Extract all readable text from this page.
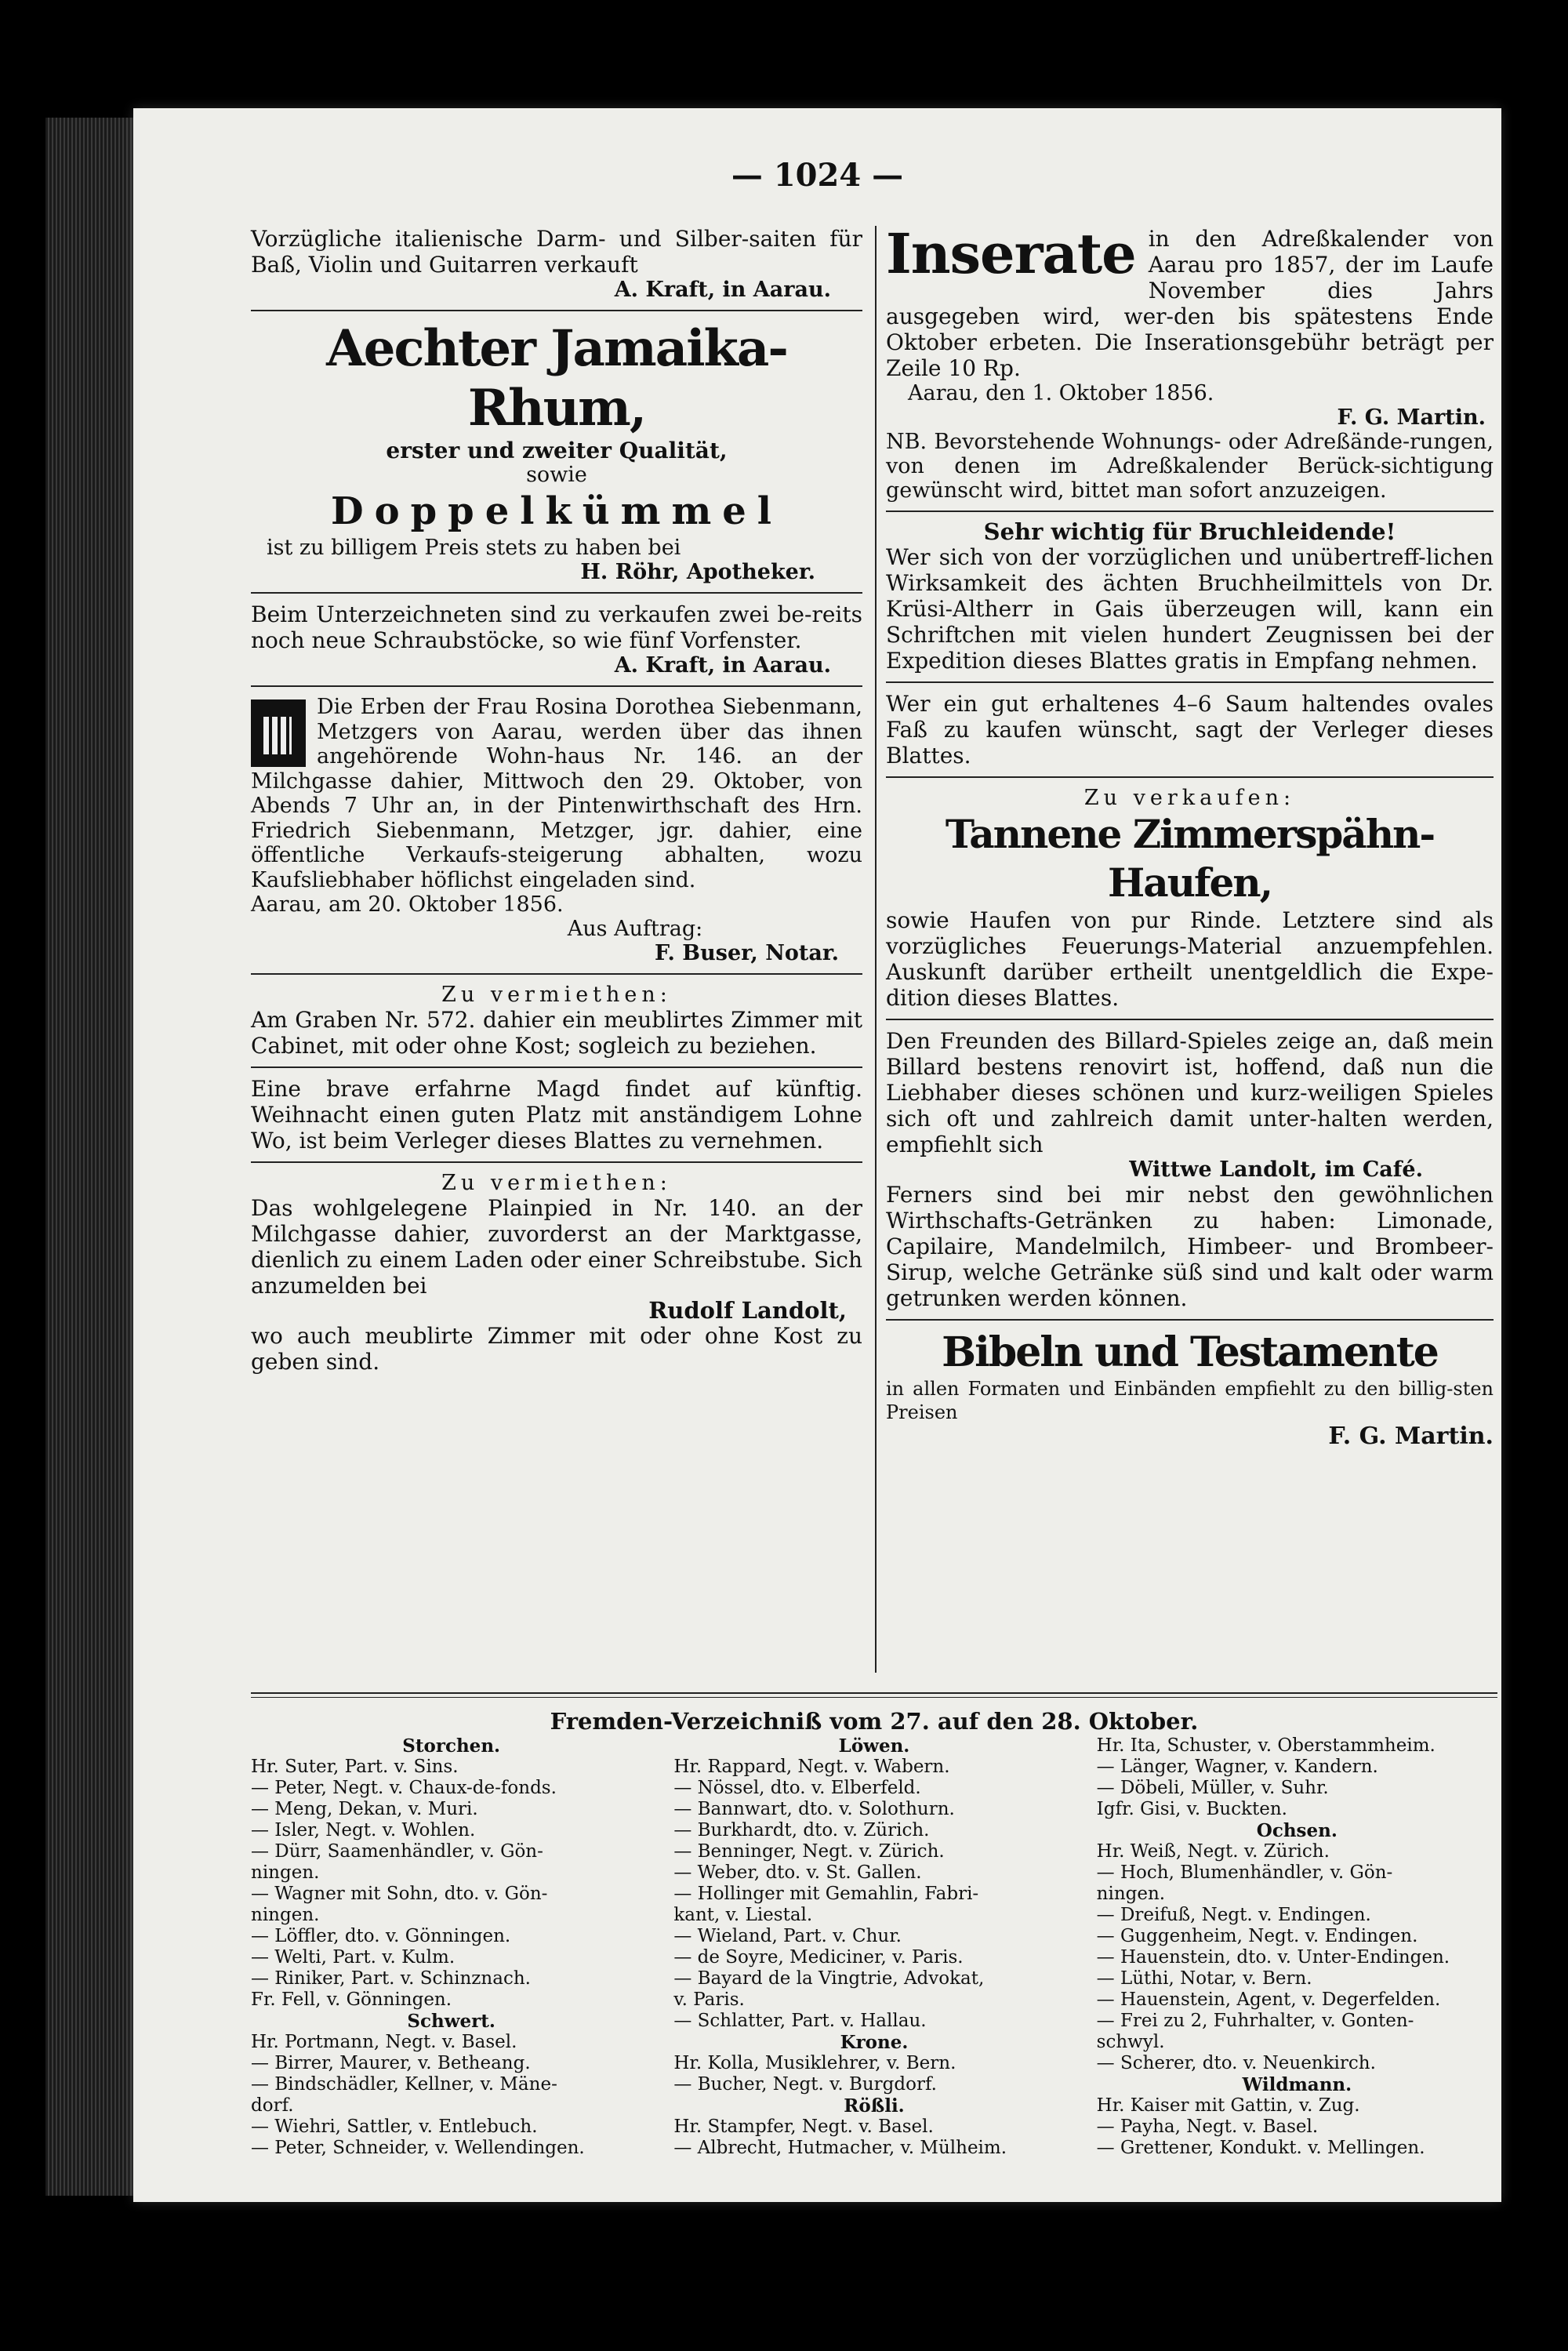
— 1024 —

Vorzügliche italienische Darm- und Silber-saiten für Baß, Violin und Guitarren verkauft

A. Kraft, in Aarau.

Aechter Jamaika-Rhum,

erster und zweiter Qualität,

sowie

Doppelkümmel

ist zu billigem Preis stets zu haben bei

H. Röhr, Apotheker.

Beim Unterzeichneten sind zu verkaufen zwei be-reits noch neue Schraubstöcke, so wie fünf Vorfenster.

A. Kraft, in Aarau.

Die Erben der Frau Rosina Dorothea Siebenmann, Metzgers von Aarau, werden über das ihnen angehörende Wohn-haus Nr. 146. an der Milchgasse dahier, Mittwoch den 29. Oktober, von Abends 7 Uhr an, in der Pintenwirthschaft des Hrn. Friedrich Siebenmann, Metzger, jgr. dahier, eine öffentliche Verkaufs-steigerung abhalten, wozu Kaufsliebhaber höflichst eingeladen sind.

Aarau, am 20. Oktober 1856.

Aus Auftrag:

F. Buser, Notar.

Zu vermiethen:

Am Graben Nr. 572. dahier ein meublirtes Zimmer mit Cabinet, mit oder ohne Kost; sogleich zu beziehen.

Eine brave erfahrne Magd findet auf künftig. Weihnacht einen guten Platz mit anständigem Lohne Wo, ist beim Verleger dieses Blattes zu vernehmen.

Zu vermiethen:

Das wohlgelegene Plainpied in Nr. 140. an der Milchgasse dahier, zuvorderst an der Marktgasse, dienlich zu einem Laden oder einer Schreibstube. Sich anzumelden bei

Rudolf Landolt,

wo auch meublirte Zimmer mit oder ohne Kost zu geben sind.

Inserate in den Adreßkalender von Aarau pro 1857, der im Laufe November dies Jahrs ausgegeben wird, wer-den bis spätestens Ende Oktober erbeten. Die Inserationsgebühr beträgt per Zeile 10 Rp.

Aarau, den 1. Oktober 1856.

F. G. Martin.

NB. Bevorstehende Wohnungs- oder Adreßände-rungen, von denen im Adreßkalender Berück-sichtigung gewünscht wird, bittet man sofort anzuzeigen.

Sehr wichtig für Bruchleidende!

Wer sich von der vorzüglichen und unübertreff-lichen Wirksamkeit des ächten Bruchheilmittels von Dr. Krüsi-Altherr in Gais überzeugen will, kann ein Schriftchen mit vielen hundert Zeugnissen bei der Expedition dieses Blattes gratis in Empfang nehmen.

Wer ein gut erhaltenes 4–6 Saum haltendes ovales Faß zu kaufen wünscht, sagt der Verleger dieses Blattes.

Zu verkaufen:

Tannene Zimmerspähn-Haufen,

sowie Haufen von pur Rinde. Letztere sind als vorzügliches Feuerungs-Material anzuempfehlen. Auskunft darüber ertheilt unentgeldlich die Expe-dition dieses Blattes.

Den Freunden des Billard-Spieles zeige an, daß mein Billard bestens renovirt ist, hoffend, daß nun die Liebhaber dieses schönen und kurz-weiligen Spieles sich oft und zahlreich damit unter-halten werden, empfiehlt sich

Wittwe Landolt, im Café.

Ferners sind bei mir nebst den gewöhnlichen Wirthschafts-Getränken zu haben: Limonade, Capilaire, Mandelmilch, Himbeer- und Brombeer-Sirup, welche Getränke süß sind und kalt oder warm getrunken werden können.

Bibeln und Testamente

in allen Formaten und Einbänden empfiehlt zu den billig-sten Preisen

F. G. Martin.

Fremden-Verzeichniß vom 27. auf den 28. Oktober.

Storchen.
Hr. Suter, Part. v. Sins.
— Peter, Negt. v. Chaux-de-fonds.
— Meng, Dekan, v. Muri.
— Isler, Negt. v. Wohlen.
— Dürr, Saamenhändler, v. Gön-
ningen.
— Wagner mit Sohn, dto. v. Gön-
ningen.
— Löffler, dto. v. Gönningen.
— Welti, Part. v. Kulm.
— Riniker, Part. v. Schinznach.
Fr. Fell, v. Gönningen.
Schwert.
Hr. Portmann, Negt. v. Basel.
— Birrer, Maurer, v. Betheang.
— Bindschädler, Kellner, v. Mäne-
dorf.
— Wiehri, Sattler, v. Entlebuch.
— Peter, Schneider, v. Wellendingen.
Löwen.
Hr. Rappard, Negt. v. Wabern.
— Nössel, dto. v. Elberfeld.
— Bannwart, dto. v. Solothurn.
— Burkhardt, dto. v. Zürich.
— Benninger, Negt. v. Zürich.
— Weber, dto. v. St. Gallen.
— Hollinger mit Gemahlin, Fabri-
kant, v. Liestal.
— Wieland, Part. v. Chur.
— de Soyre, Mediciner, v. Paris.
— Bayard de la Vingtrie, Advokat,
v. Paris.
— Schlatter, Part. v. Hallau.
Krone.
Hr. Kolla, Musiklehrer, v. Bern.
— Bucher, Negt. v. Burgdorf.
Rößli.
Hr. Stampfer, Negt. v. Basel.
— Albrecht, Hutmacher, v. Mülheim.
Hr. Ita, Schuster, v. Oberstammheim.
— Länger, Wagner, v. Kandern.
— Döbeli, Müller, v. Suhr.
Igfr. Gisi, v. Buckten.
Ochsen.
Hr. Weiß, Negt. v. Zürich.
— Hoch, Blumenhändler, v. Gön-
ningen.
— Dreifuß, Negt. v. Endingen.
— Guggenheim, Negt. v. Endingen.
— Hauenstein, dto. v. Unter-Endingen.
— Lüthi, Notar, v. Bern.
— Hauenstein, Agent, v. Degerfelden.
— Frei zu 2, Fuhrhalter, v. Gonten-
schwyl.
— Scherer, dto. v. Neuenkirch.
Wildmann.
Hr. Kaiser mit Gattin, v. Zug.
— Payha, Negt. v. Basel.
— Grettener, Kondukt. v. Mellingen.
